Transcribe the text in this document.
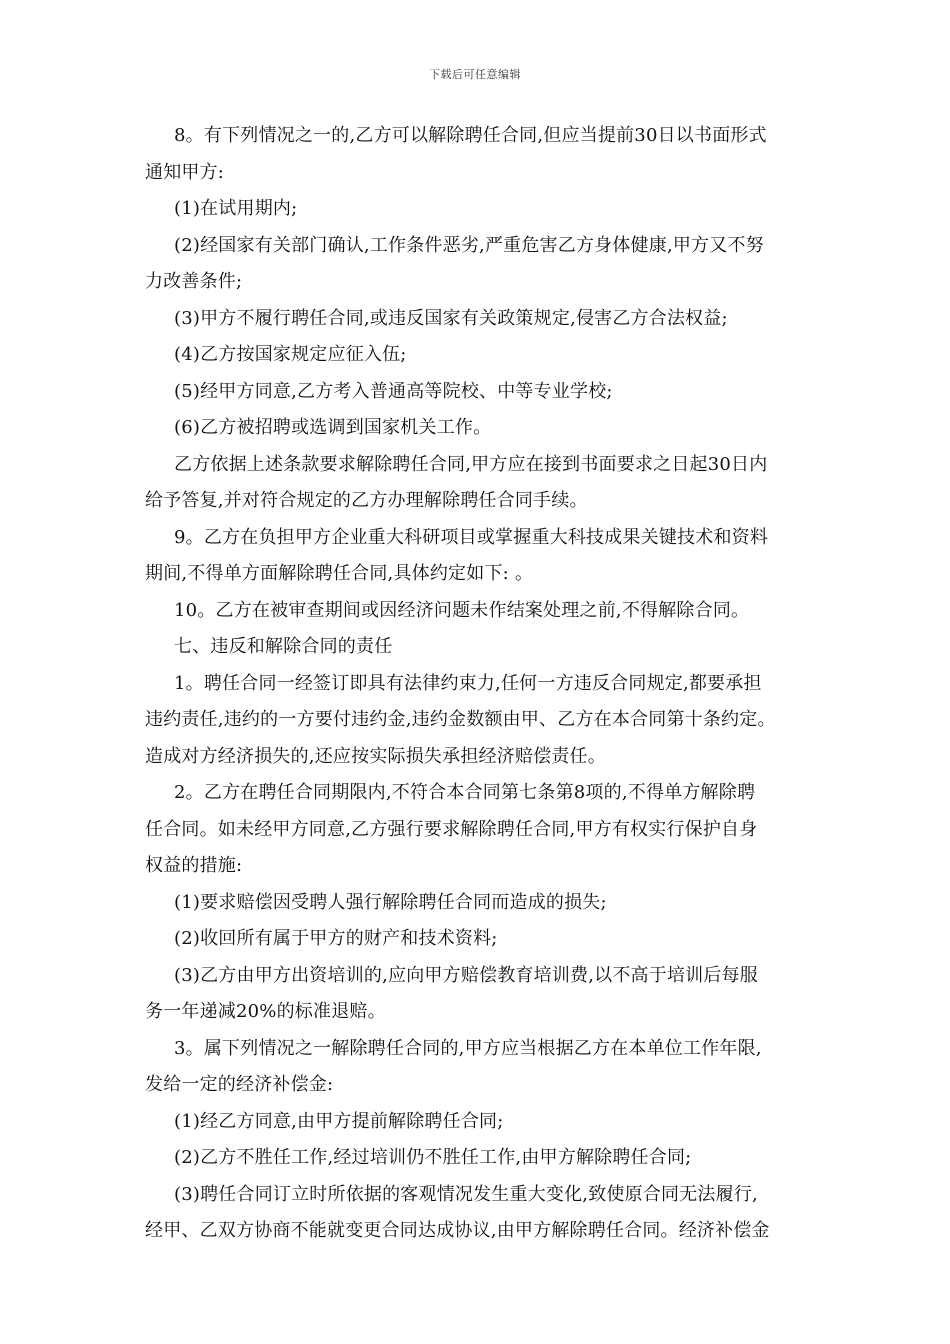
下载后可任意编辑
8。有下列情况之一的,乙方可以解除聘任合同,但应当提前30日以书面形式
通知甲方:
(1)在试用期内;
(2)经国家有关部门确认,工作条件恶劣,严重危害乙方身体健康,甲方又不努
力改善条件;
(3)甲方不履行聘任合同,或违反国家有关政策规定,侵害乙方合法权益;
(4)乙方按国家规定应征入伍;
(5)经甲方同意,乙方考入普通高等院校、中等专业学校;
(6)乙方被招聘或选调到国家机关工作。
乙方依据上述条款要求解除聘任合同,甲方应在接到书面要求之日起30日内
给予答复,并对符合规定的乙方办理解除聘任合同手续。
9。乙方在负担甲方企业重大科研项目或掌握重大科技成果关键技术和资料
期间,不得单方面解除聘任合同,具体约定如下: 。
10。乙方在被审查期间或因经济问题未作结案处理之前,不得解除合同。
七、违反和解除合同的责任
1。聘任合同一经签订即具有法律约束力,任何一方违反合同规定,都要承担
违约责任,违约的一方要付违约金,违约金数额由甲、乙方在本合同第十条约定。
造成对方经济损失的,还应按实际损失承担经济赔偿责任。
2。乙方在聘任合同期限内,不符合本合同第七条第8项的,不得单方解除聘
任合同。如未经甲方同意,乙方强行要求解除聘任合同,甲方有权实行保护自身
权益的措施:
(1)要求赔偿因受聘人强行解除聘任合同而造成的损失;
(2)收回所有属于甲方的财产和技术资料;
(3)乙方由甲方出资培训的,应向甲方赔偿教育培训费,以不高于培训后每服
务一年递减20%的标准退赔。
3。属下列情况之一解除聘任合同的,甲方应当根据乙方在本单位工作年限,
发给一定的经济补偿金:
(1)经乙方同意,由甲方提前解除聘任合同;
(2)乙方不胜任工作,经过培训仍不胜任工作,由甲方解除聘任合同;
(3)聘任合同订立时所依据的客观情况发生重大变化,致使原合同无法履行,
经甲、乙双方协商不能就变更合同达成协议,由甲方解除聘任合同。经济补偿金
